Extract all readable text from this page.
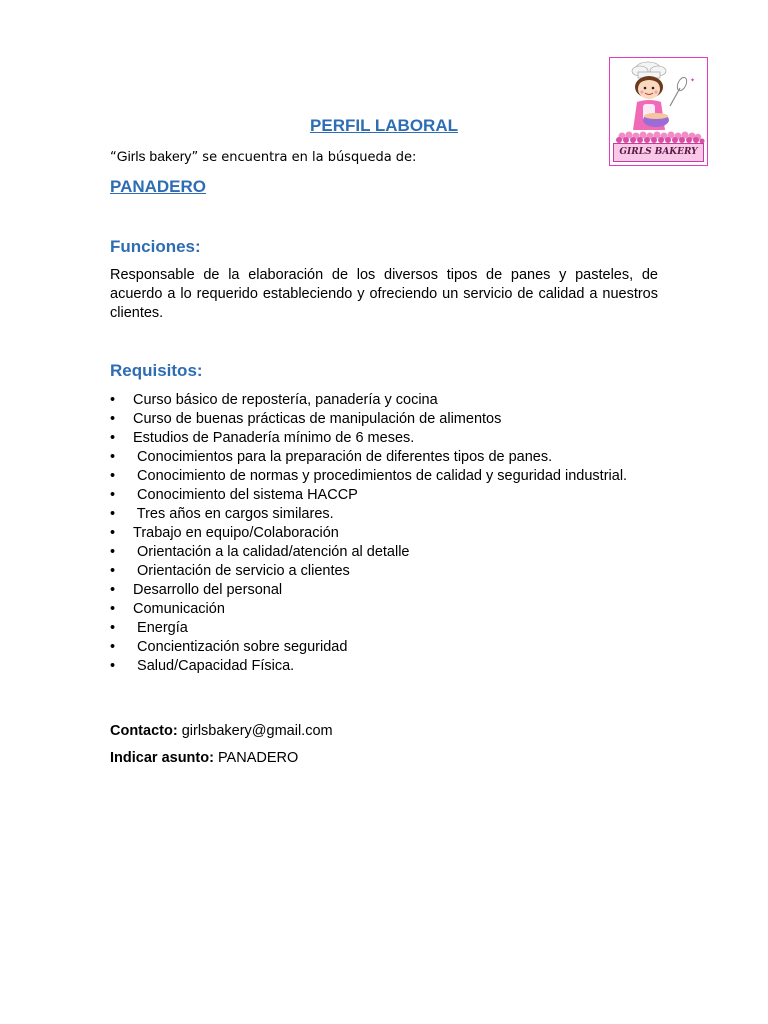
PERFIL LABORAL
“Girls bakery” se encuentra en la búsqueda de:
PANADERO
Funciones:
Responsable de la elaboración de los diversos tipos de panes y pasteles, de acuerdo a lo requerido estableciendo y ofreciendo un servicio de calidad a nuestros clientes.
Requisitos:
• Curso básico de repostería, panadería y cocina
• Curso de buenas prácticas de manipulación de alimentos
• Estudios de Panadería mínimo de 6 meses.
• Conocimientos para la preparación de diferentes tipos de panes.
• Conocimiento de normas y procedimientos de calidad y seguridad industrial.
• Conocimiento del sistema HACCP
• Tres años en cargos similares.
• Trabajo en equipo/Colaboración
• Orientación a la calidad/atención al detalle
• Orientación de servicio a clientes
• Desarrollo del personal
• Comunicación
• Energía
• Concientización sobre seguridad
• Salud/Capacidad Física.
Contacto: girlsbakery@gmail.com
Indicar asunto: PANADERO
✦
GIRLS BAKERY
